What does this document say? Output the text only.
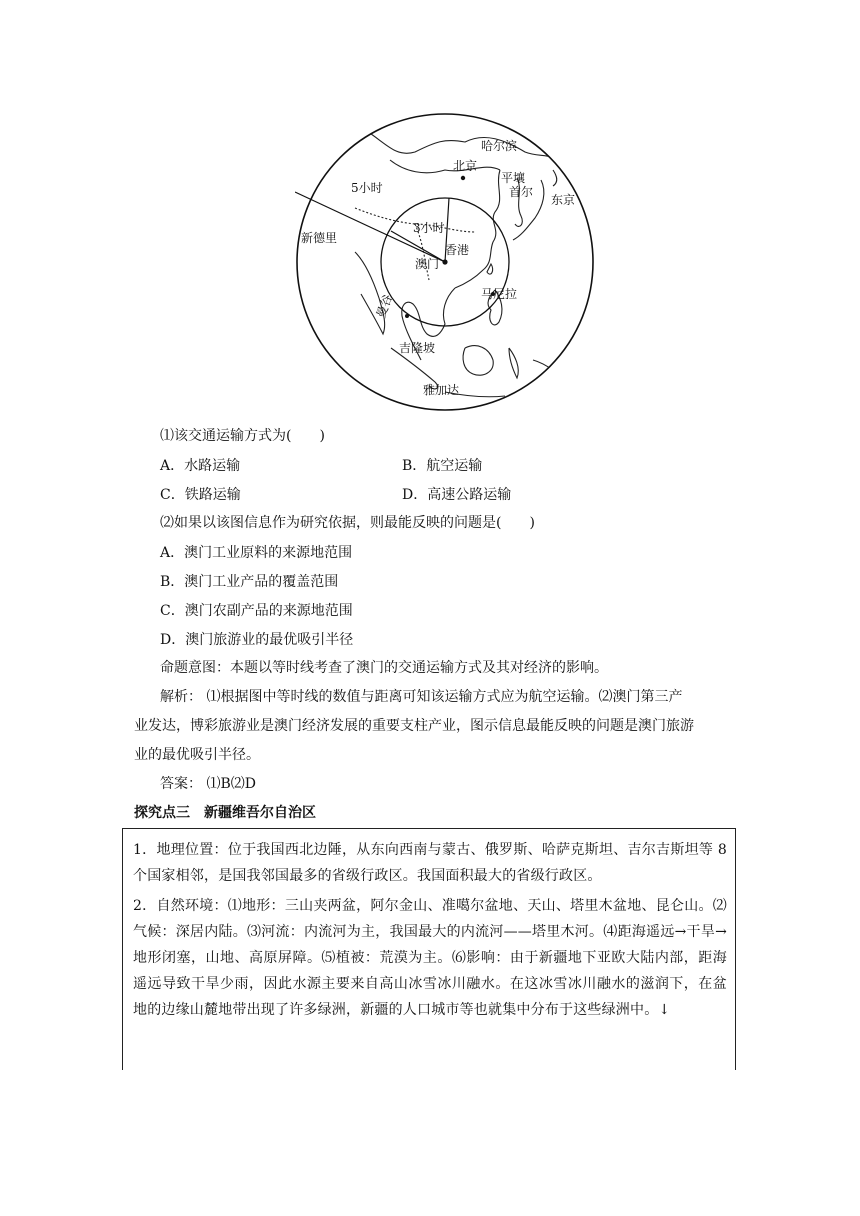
哈尔滨
北京
平壤
首尔
东京
5小时
3小时
新德里
香港
澳门
马尼拉
曼谷
吉隆坡
雅加达
⑴该交通运输方式为(　　)
A．水路运输	B．航空运输
C．铁路运输	D．高速公路运输
⑵如果以该图信息作为研究依据，则最能反映的问题是(　　)
A．澳门工业原料的来源地范围
B．澳门工业产品的覆盖范围
C．澳门农副产品的来源地范围
D．澳门旅游业的最优吸引半径
命题意图：本题以等时线考查了澳门的交通运输方式及其对经济的影响。
解析： ⑴根据图中等时线的数值与距离可知该运输方式应为航空运输。⑵澳门第三产
业发达，博彩旅游业是澳门经济发展的重要支柱产业，图示信息最能反映的问题是澳门旅游
业的最优吸引半径。
答案： ⑴B⑵D
探究点三　新疆维吾尔自治区

1．地理位置：位于我国西北边陲，从东向西南与蒙古、俄罗斯、哈萨克斯坦、吉尔吉斯坦等 8 个国家相邻，是国我邻国最多的省级行政区。我国面积最大的省级行政区。

2．自然环境：⑴地形：三山夹两盆，阿尔金山、准噶尔盆地、天山、塔里木盆地、昆仑山。⑵气候：深居内陆。⑶河流：内流河为主，我国最大的内流河——塔里木河。⑷距海遥远→干旱→地形闭塞，山地、高原屏障。⑸植被：荒漠为主。⑹影响：由于新疆地下亚欧大陆内部，距海遥远导致干旱少雨，因此水源主要来自高山冰雪冰川融水。在这冰雪冰川融水的滋润下，在盆地的边缘山麓地带出现了许多绿洲，新疆的人口城市等也就集中分布于这些绿洲中。↓
